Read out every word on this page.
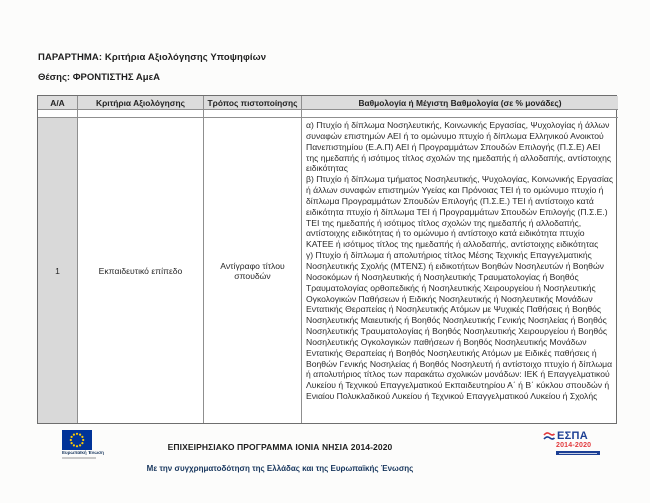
ΠΑΡΑΡΤΗΜΑ: Κριτήρια Αξιολόγησης Υποψηφίων
Θέσης: ΦΡΟΝΤΙΣΤΗΣ ΑμεΑ
Α/Α	Κριτήρια Αξιολόγησης	Τρόπος πιστοποίησης	Βαθμολογία ή Μέγιστη Βαθμολογία (σε % μονάδες)
1	Εκπαιδευτικό επίπεδο	Αντίγραφο τίτλου σπουδών
α) Πτυχίο ή δίπλωμα Νοσηλευτικής, Κοινωνικής Εργασίας, Ψυχολογίας ή άλλων συναφών επιστημών ΑΕΙ ή το ομώνυμο πτυχίο ή δίπλωμα Ελληνικού Ανοικτού Πανεπιστημίου (Ε.Α.Π) ΑΕΙ ή Προγραμμάτων Σπουδών Επιλογής (Π.Σ.Ε) ΑΕΙ της ημεδαπής ή ισότιμος τίτλος σχολών της ημεδαπής ή αλλοδαπής, αντίστοιχης ειδικότητας
β) Πτυχίο ή δίπλωμα τμήματος Νοσηλευτικής, Ψυχολογίας, Κοινωνικής Εργασίας ή άλλων συναφών επιστημών Υγείας και Πρόνοιας ΤΕΙ ή το ομώνυμο πτυχίο ή δίπλωμα Προγραμμάτων Σπουδών Επιλογής (Π.Σ.Ε.) ΤΕΙ ή αντίστοιχο κατά ειδικότητα πτυχίο ή δίπλωμα ΤΕΙ ή Προγραμμάτων Σπουδών Επιλογής (Π.Σ.Ε.) ΤΕΙ της ημεδαπής ή ισότιμος τίτλος σχολών της ημεδαπής ή αλλοδαπής, αντίστοιχης ειδικότητας ή το ομώνυμο ή αντίστοιχο κατά ειδικότητα πτυχίο ΚΑΤΕΕ ή ισότιμος τίτλος της ημεδαπής ή αλλοδαπής, αντίστοιχης ειδικότητας
γ) Πτυχίο ή δίπλωμα ή απολυτήριος τίτλος Μέσης Τεχνικής Επαγγελματικής Νοσηλευτικής Σχολής (ΜΤΕΝΣ) ή ειδικοτήτων Βοηθών Νοσηλευτών ή Βοηθών Νοσοκόμων ή Νοσηλευτικής ή Νοσηλευτικής Τραυματολογίας ή Βοηθός Τραυματολογίας ορθοπεδικής ή Νοσηλευτικής Χειρουργείου ή Νοσηλευτικής Ογκολογικών Παθήσεων ή Ειδικής Νοσηλευτικής ή Νοσηλευτικής Μονάδων Εντατικής Θεραπείας ή Νοσηλευτικής Ατόμων με Ψυχικές Παθήσεις ή Βοηθός Νοσηλευτικής Μαιευτικής ή Βοηθός Νοσηλευτικής Γενικής Νοσηλείας ή Βοηθός Νοσηλευτικής Τραυματολογίας ή Βοηθός Νοσηλευτικής Χειρουργείου ή Βοηθός Νοσηλευτικής Ογκολογικών παθήσεων ή Βοηθός Νοσηλευτικής Μονάδων Εντατικής Θεραπείας ή Βοηθός Νοσηλευτικής Ατόμων με Ειδικές παθήσεις ή Βοηθών Γενικής Νοσηλείας ή Βοηθός Νοσηλευτή ή αντίστοιχο πτυχίο ή δίπλωμα ή απολυτήριος τίτλος των παρακάτω σχολικών μονάδων: ΙΕΚ ή Επαγγελματικού Λυκείου ή Τεχνικού Επαγγελματικού Εκπαιδευτηρίου Α΄ ή Β΄ κύκλου σπουδών ή Ενιαίου Πολυκλαδικού Λυκείου ή Τεχνικού Επαγγελματικού Λυκείου ή Σχολής
Ευρωπαϊκή Ένωση
ΕΠΙΧΕΙΡΗΣΙΑΚΟ ΠΡΟΓΡΑΜΜΑ ΙΟΝΙΑ ΝΗΣΙΑ 2014-2020
Με την συγχρηματοδότηση της Ελλάδας και της Ευρωπαϊκής Ένωσης
ΕΣΠΑ
2014-2020
